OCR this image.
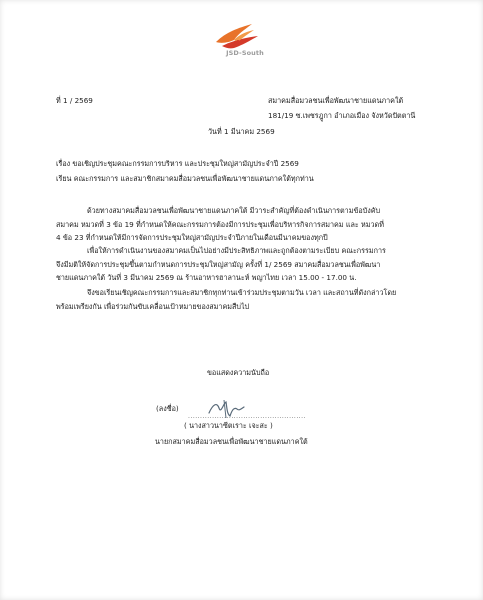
JSD-South
ที่ 1 / 2569	สมาคมสื่อมวลชนเพื่อพัฒนาชายแดนภาคใต้
181/19 ซ.เพชรฎูกา อำเภอเมือง จังหวัดปัตตานี
วันที่ 1 มีนาคม 2569
เรื่อง ขอเชิญประชุมคณะกรรมการบริหาร และประชุมใหญ่สามัญประจำปี 2569
เรียน คณะกรรมการ และสมาชิกสมาคมสื่อมวลชนเพื่อพัฒนาชายแดนภาคใต้ทุกท่าน
ด้วยทางสมาคมสื่อมวลชนเพื่อพัฒนาชายแดนภาคใต้ มีวาระสำคัญที่ต้องดำเนินการตามข้อบังคับ
สมาคม หมวดที่ 3 ข้อ 19 ที่กำหนดให้คณะกรรมการต้องมีการประชุมเพื่อบริหารกิจการสมาคม และ หมวดที่
4 ข้อ 23 ที่กำหนดให้มีการจัดการประชุมใหญ่สามัญประจำปีภายในเดือนมีนาคมของทุกปี
เพื่อให้การดำเนินงานของสมาคมเป็นไปอย่างมีประสิทธิภาพและถูกต้องตามระเบียบ คณะกรรมการ
จึงมีมติให้จัดการประชุมขึ้นตามกำหนดการประชุมใหญ่สามัญ ครั้งที่ 1/ 2569 สมาคมสื่อมวลชนเพื่อพัฒนา
ชายแดนภาคใต้ วันที่ 3 มีนาคม 2569 ณ ร้านอาหารฮาลานะห์ พญาไทย เวลา 15.00 - 17.00 น.
จึงขอเรียนเชิญคณะกรรมการและสมาชิกทุกท่านเข้าร่วมประชุมตามวัน เวลา และสถานที่ดังกล่าวโดย
พร้อมเพรียงกัน เพื่อร่วมกันขับเคลื่อนเป้าหมายของสมาคมสืบไป
ขอแสดงความนับถือ
(ลงชื่อ)
.................................................
( นางสาวนาซีตเราะ เจะสะ )
นายกสมาคมสื่อมวลชนเพื่อพัฒนาชายแดนภาคใต้
